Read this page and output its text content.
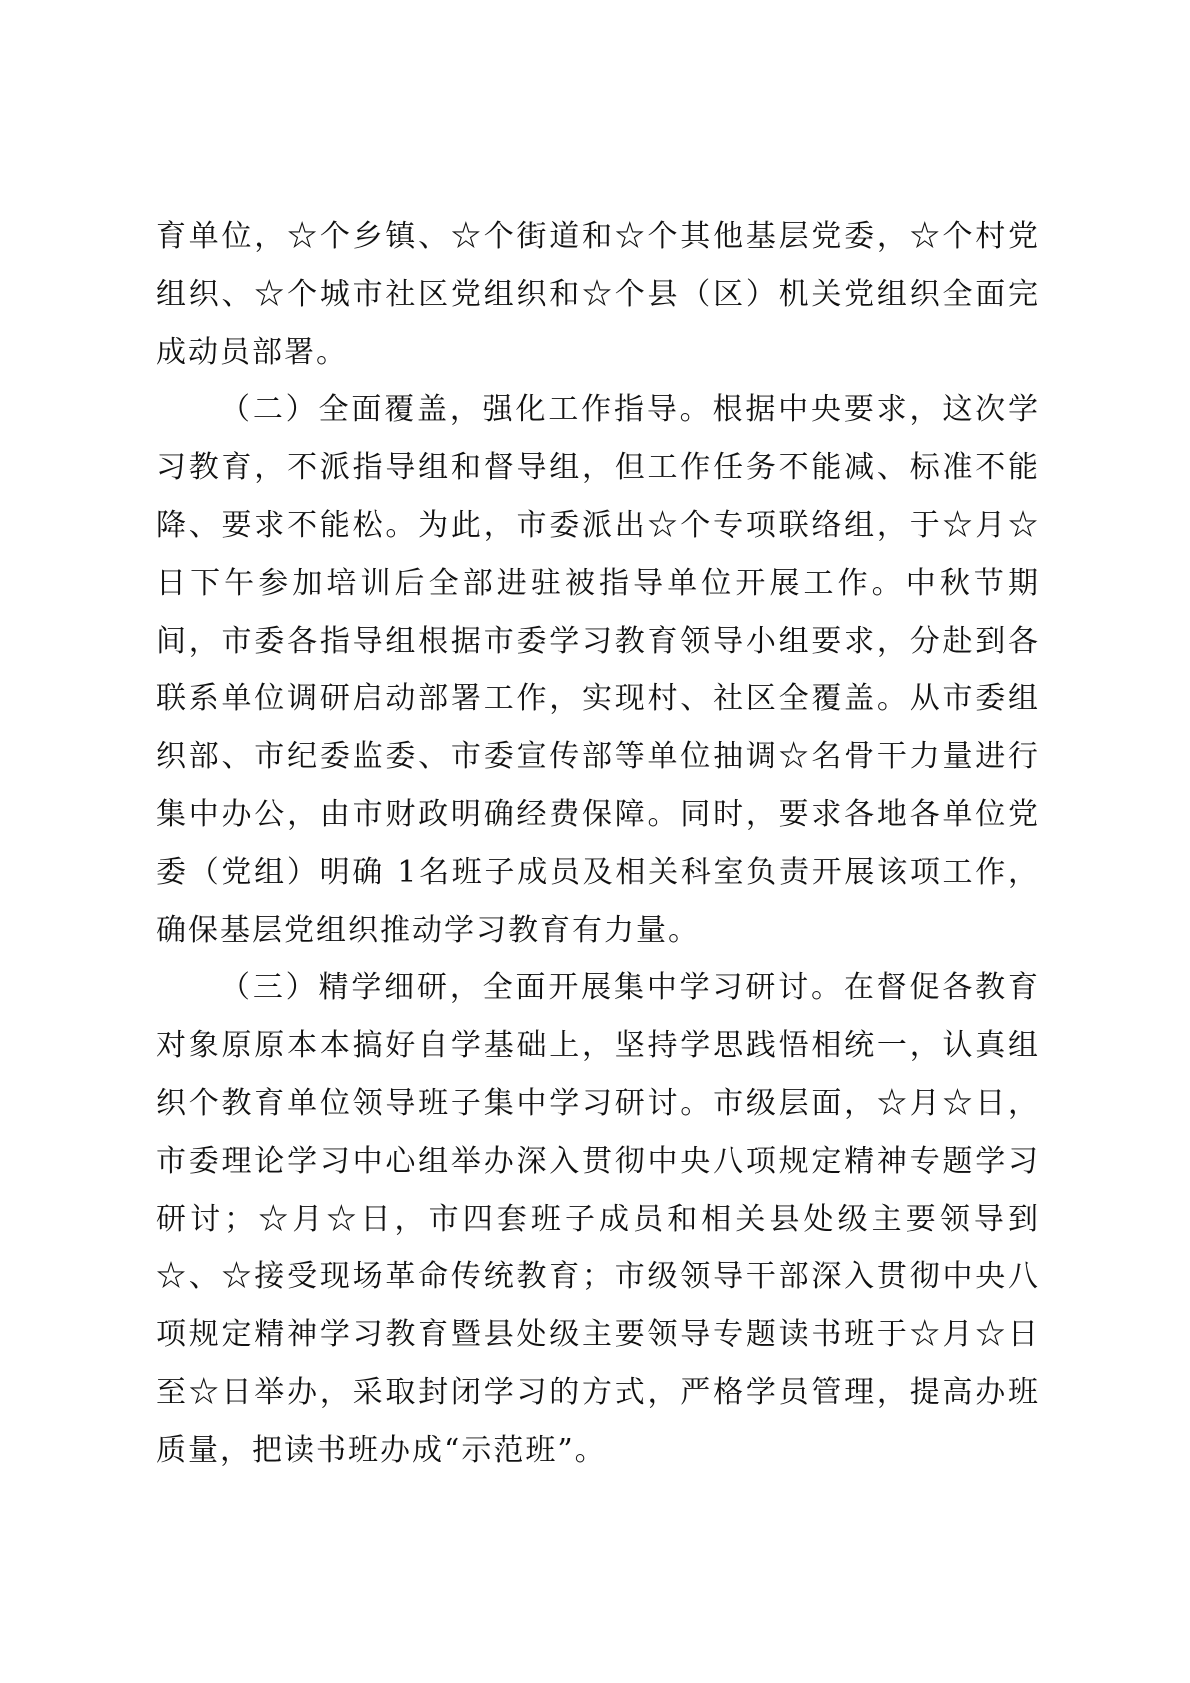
育单位，☆个乡镇、☆个街道和☆个其他基层党委，☆个村党组织、☆个城市社区党组织和☆个县（区）机关党组织全面完成动员部署。

（二）全面覆盖，强化工作指导。根据中央要求，这次学习教育，不派指导组和督导组，但工作任务不能减、标准不能降、要求不能松。为此，市委派出☆个专项联络组，于☆月☆日下午参加培训后全部进驻被指导单位开展工作。中秋节期间，市委各指导组根据市委学习教育领导小组要求，分赴到各联系单位调研启动部署工作，实现村、社区全覆盖。从市委组织部、市纪委监委、市委宣传部等单位抽调☆名骨干力量进行集中办公，由市财政明确经费保障。同时，要求各地各单位党委（党组）明确 1名班子成员及相关科室负责开展该项工作，确保基层党组织推动学习教育有力量。

（三）精学细研，全面开展集中学习研讨。在督促各教育对象原原本本搞好自学基础上，坚持学思践悟相统一，认真组织个教育单位领导班子集中学习研讨。市级层面，☆月☆日，市委理论学习中心组举办深入贯彻中央八项规定精神专题学习研讨；☆月☆日，市四套班子成员和相关县处级主要领导到☆、☆接受现场革命传统教育；市级领导干部深入贯彻中央八项规定精神学习教育暨县处级主要领导专题读书班于☆月☆日至☆日举办，采取封闭学习的方式，严格学员管理，提高办班质量，把读书班办成“示范班”。
